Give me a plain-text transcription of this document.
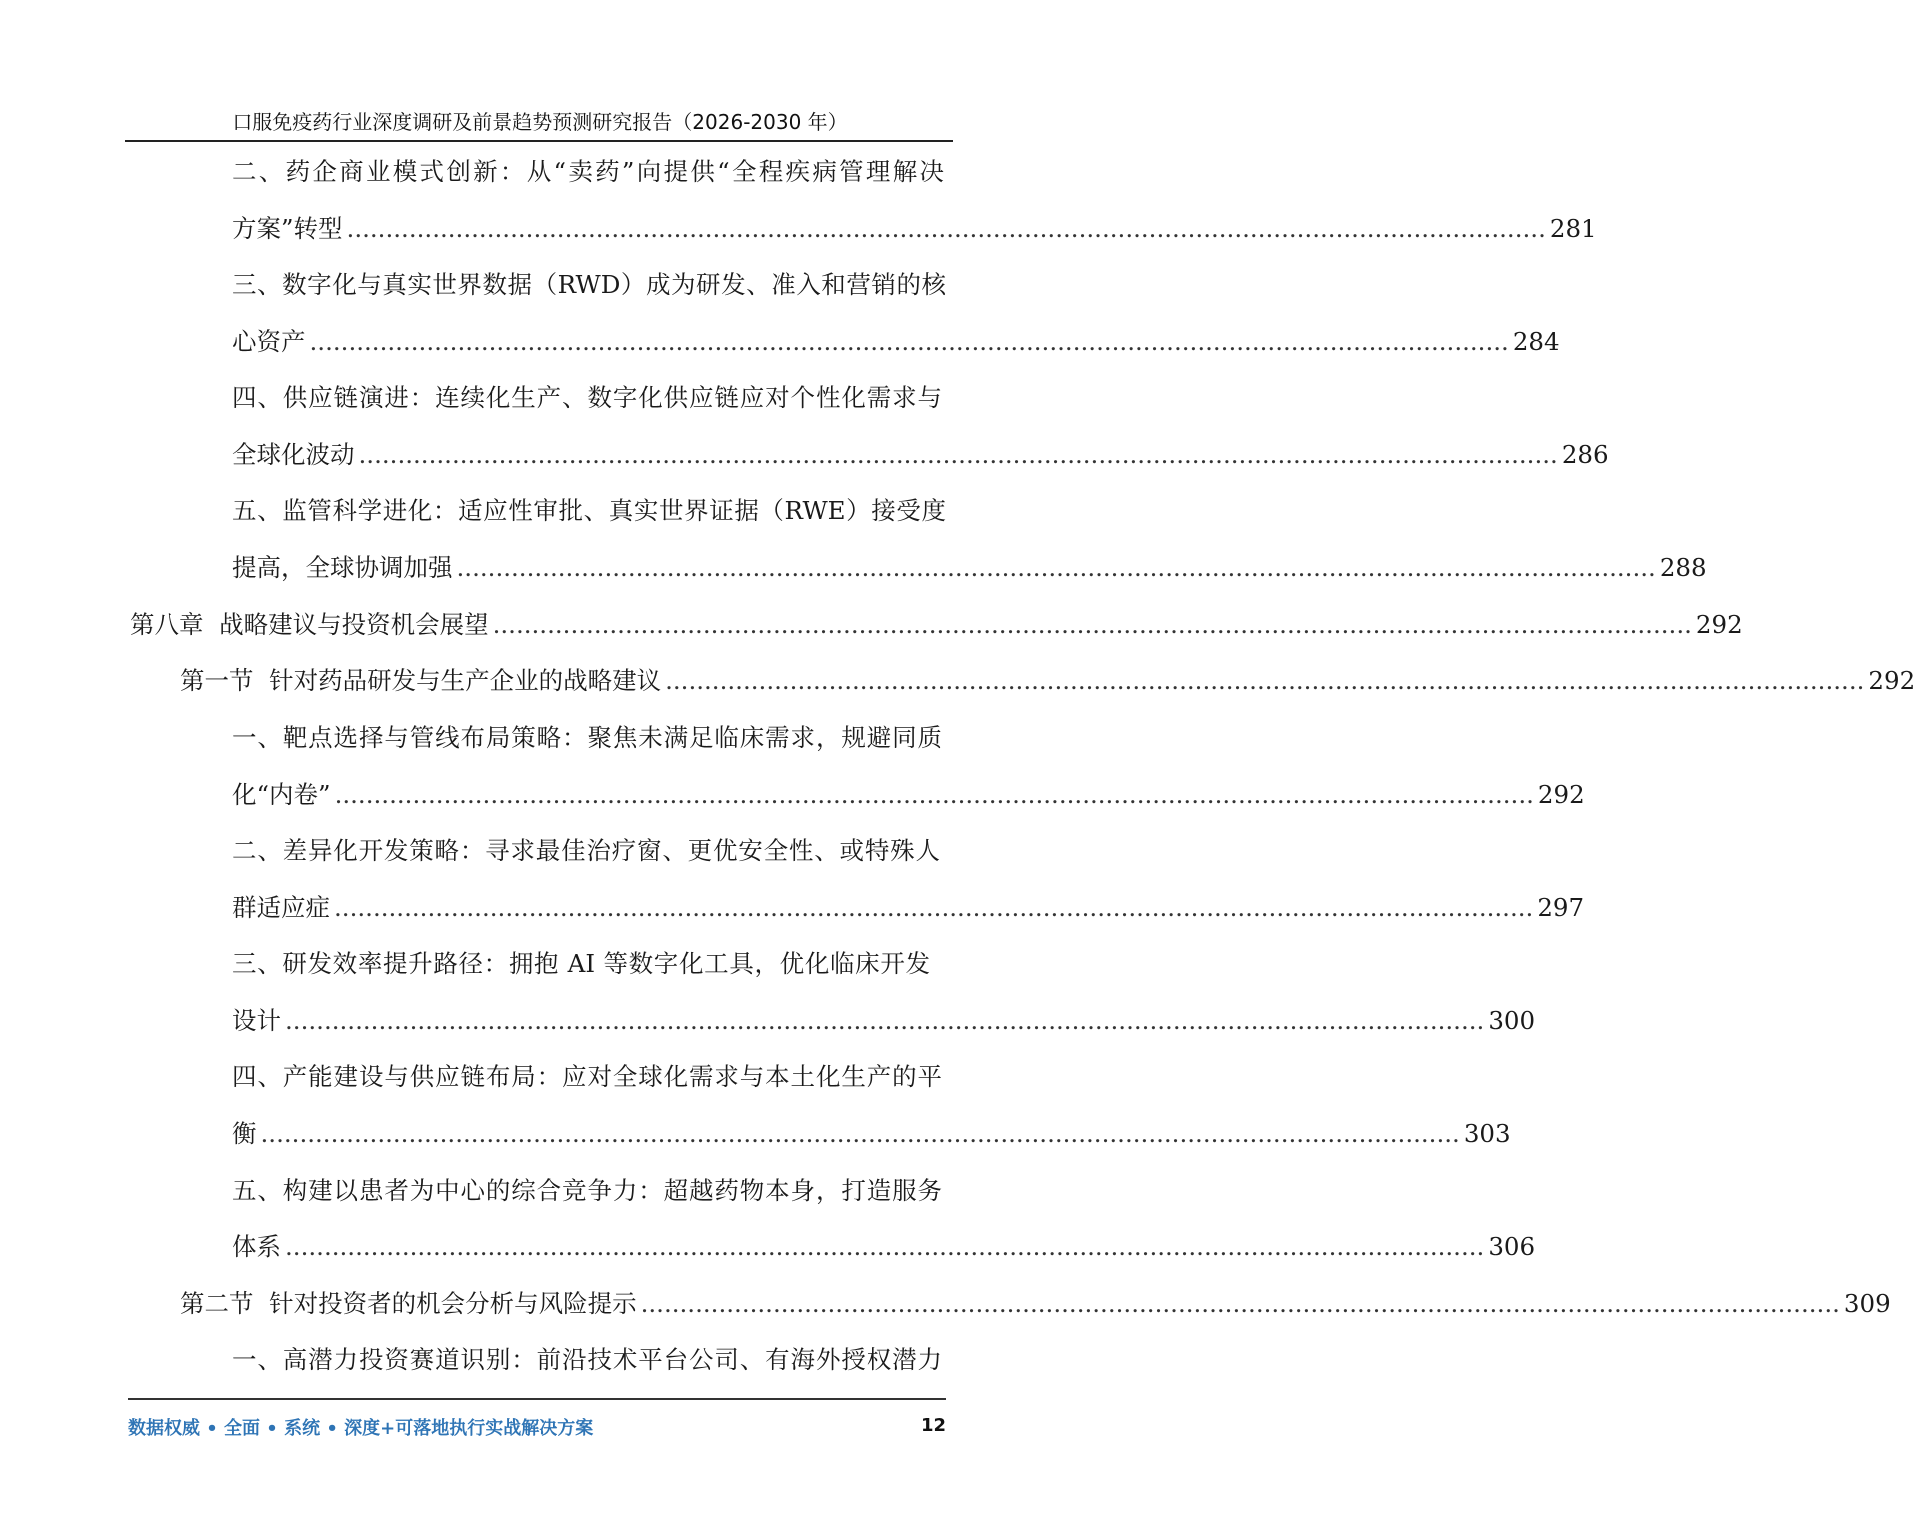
口服免疫药行业深度调研及前景趋势预测研究报告（2026-2030 年）
二、药企商业模式创新：从“卖药”向提供“全程疾病管理解决
方案”转型 .......................................................................................................................................................... 281
三、数字化与真实世界数据（RWD）成为研发、准入和营销的核
心资产 .......................................................................................................................................................... 284
四、供应链演进：连续化生产、数字化供应链应对个性化需求与
全球化波动 .......................................................................................................................................................... 286
五、监管科学进化：适应性审批、真实世界证据（RWE）接受度
提高，全球协调加强 .......................................................................................................................................................... 288
第八章  战略建议与投资机会展望 .......................................................................................................................................................... 292
第一节  针对药品研发与生产企业的战略建议 .......................................................................................................................................................... 292
一、靶点选择与管线布局策略：聚焦未满足临床需求，规避同质
化“内卷” .......................................................................................................................................................... 292
二、差异化开发策略：寻求最佳治疗窗、更优安全性、或特殊人
群适应症 .......................................................................................................................................................... 297
三、研发效率提升路径：拥抱 AI 等数字化工具，优化临床开发
设计 .......................................................................................................................................................... 300
四、产能建设与供应链布局：应对全球化需求与本土化生产的平
衡 .......................................................................................................................................................... 303
五、构建以患者为中心的综合竞争力：超越药物本身，打造服务
体系 .......................................................................................................................................................... 306
第二节  针对投资者的机会分析与风险提示 .......................................................................................................................................................... 309
一、高潜力投资赛道识别：前沿技术平台公司、有海外授权潜力
数据权威 • 全面 • 系统 • 深度+可落地执行实战解决方案	12
